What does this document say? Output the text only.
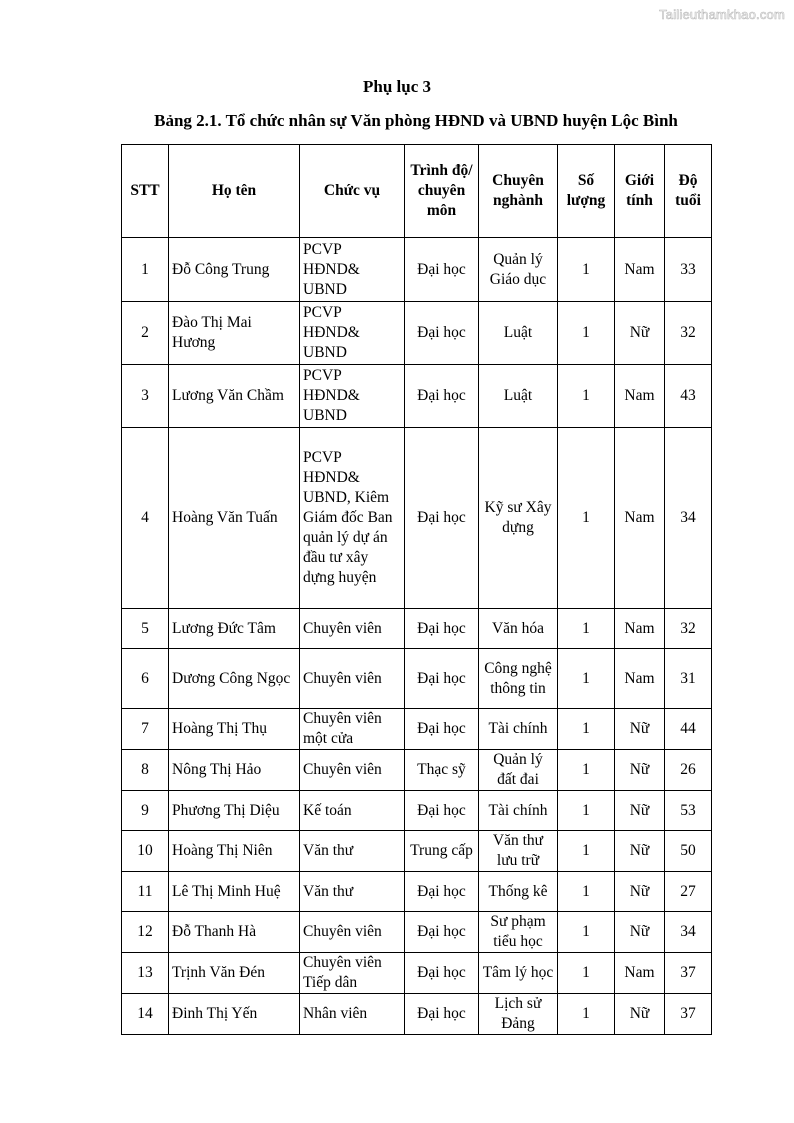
Tailieuthamkhao.com
Phụ lục 3
Bảng 2.1. Tổ chức nhân sự Văn phòng HĐND và UBND huyện Lộc Bình
STT	Họ tên	Chức vụ	Trình độ/ chuyên môn	Chuyên nghành	Số lượng	Giới tính	Độ tuổi
1	Đỗ Công Trung	PCVP HĐND& UBND	Đại học	Quản lý Giáo dục	1	Nam	33
2	Đào Thị Mai Hương	PCVP HĐND& UBND	Đại học	Luật	1	Nữ	32
3	Lương Văn Chầm	PCVP HĐND& UBND	Đại học	Luật	1	Nam	43
4	Hoàng Văn Tuấn	PCVP HĐND& UBND, Kiêm Giám đốc Ban quản lý dự án đầu tư xây dựng huyện	Đại học	Kỹ sư Xây dựng	1	Nam	34
5	Lương Đức Tâm	Chuyên viên	Đại học	Văn hóa	1	Nam	32
6	Dương Công Ngọc	Chuyên viên	Đại học	Công nghệ thông tin	1	Nam	31
7	Hoàng Thị Thụ	Chuyên viên một cửa	Đại học	Tài chính	1	Nữ	44
8	Nông Thị Hảo	Chuyên viên	Thạc sỹ	Quản lý đất đai	1	Nữ	26
9	Phương Thị Diệu	Kế toán	Đại học	Tài chính	1	Nữ	53
10	Hoàng Thị Niên	Văn thư	Trung cấp	Văn thư lưu trữ	1	Nữ	50
11	Lê Thị Minh Huệ	Văn thư	Đại học	Thống kê	1	Nữ	27
12	Đỗ Thanh Hà	Chuyên viên	Đại học	Sư phạm tiểu học	1	Nữ	34
13	Trịnh Văn Đén	Chuyên viên Tiếp dân	Đại học	Tâm lý học	1	Nam	37
14	Đinh Thị Yến	Nhân viên	Đại học	Lịch sử Đảng	1	Nữ	37
